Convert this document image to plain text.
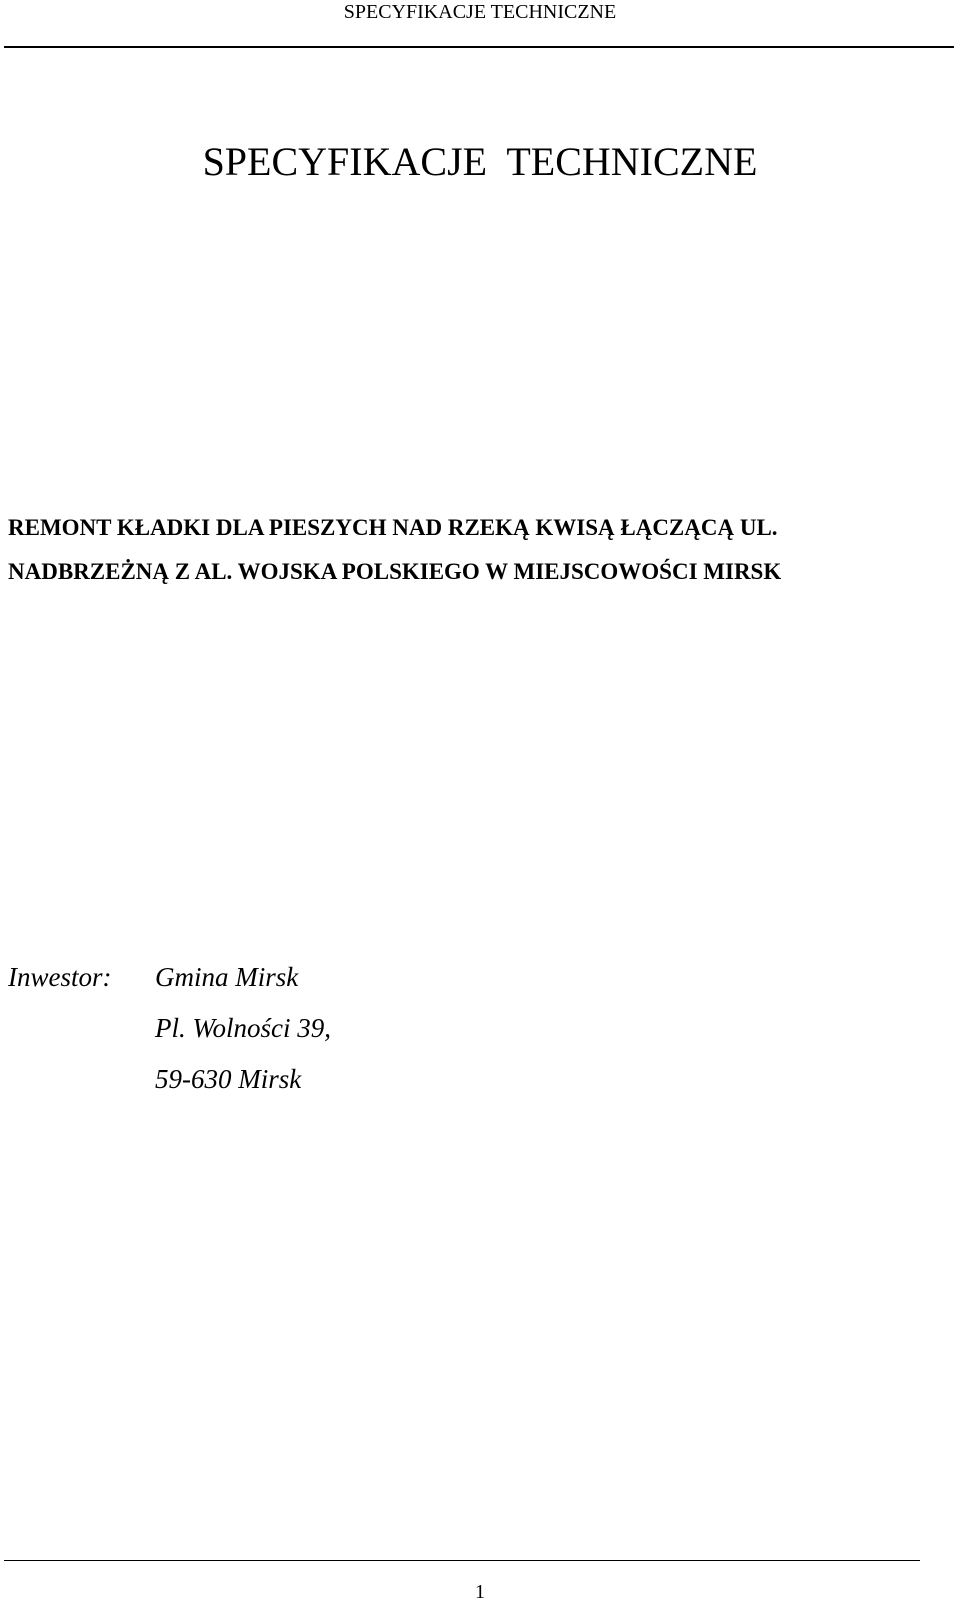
SPECYFIKACJE TECHNICZNE
SPECYFIKACJE TECHNICZNE
REMONT KŁADKI DLA PIESZYCH NAD RZEKĄ KWISĄ ŁĄCZĄCĄ UL.
NADBRZEŻNĄ Z AL. WOJSKA POLSKIEGO W MIEJSCOWOŚCI MIRSK
Inwestor: Gmina Mirsk
Pl. Wolności 39,
59-630 Mirsk
1
